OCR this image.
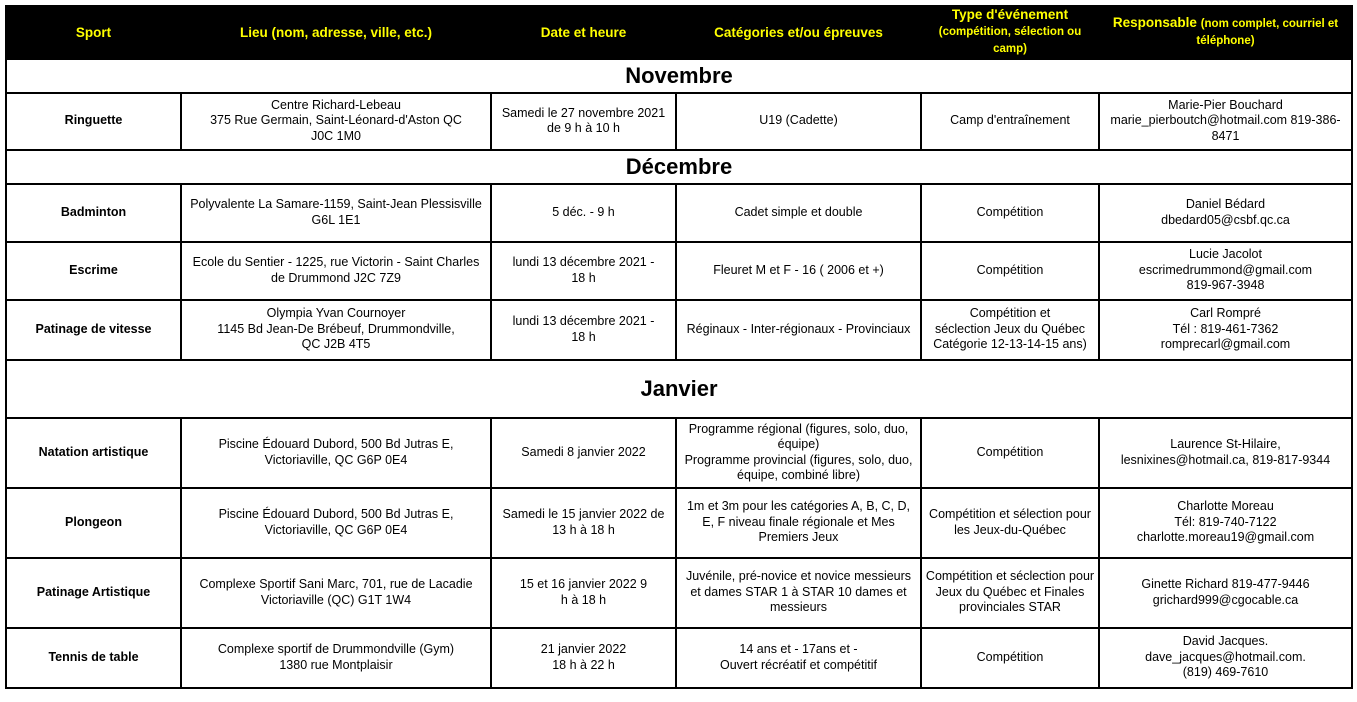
Sport	Lieu (nom, adresse, ville, etc.)	Date et heure	Catégories et/ou épreuves	Type d'événement
(compétition, sélection ou camp)	Responsable (nom complet, courriel et téléphone)
Novembre					
Ringuette	Centre Richard-Lebeau
375 Rue Germain, Saint-Léonard-d'Aston QC
J0C 1M0	Samedi le 27 novembre 2021
de 9 h à 10 h	U19 (Cadette)	Camp d'entraînement	Marie-Pier Bouchard
marie_pierboutch@hotmail.com 819-386-
8471
Décembre					
Badminton	Polyvalente La Samare-1159, Saint-Jean Plessisville
G6L 1E1	5 déc. - 9 h	Cadet simple et double	Compétition	Daniel Bédard
dbedard05@csbf.qc.ca
Escrime	Ecole du Sentier - 1225, rue Victorin - Saint Charles
de Drummond J2C 7Z9	lundi 13 décembre 2021 -
18 h	Fleuret M et F - 16 ( 2006 et +)	Compétition	Lucie Jacolot
escrimedrummond@gmail.com
819-967-3948
Patinage de vitesse	Olympia Yvan Cournoyer
1145 Bd Jean-De Brébeuf, Drummondville,
QC J2B 4T5	lundi 13 décembre 2021 -
18 h	Réginaux - Inter-régionaux - Provinciaux	Compétition et
séclection Jeux du Québec
Catégorie 12-13-14-15 ans)	Carl Rompré
Tél : 819-461-7362
romprecarl@gmail.com
Janvier					
Natation artistique	Piscine Édouard Dubord, 500 Bd Jutras E,
Victoriaville, QC G6P 0E4	Samedi 8 janvier 2022	Programme régional (figures, solo, duo,
équipe)
Programme provincial (figures, solo, duo,
équipe, combiné libre)	Compétition	Laurence St-Hilaire,
lesnixines@hotmail.ca, 819-817-9344
Plongeon	Piscine Édouard Dubord, 500 Bd Jutras E,
Victoriaville, QC G6P 0E4	Samedi le 15 janvier 2022 de
13 h à 18 h	1m et 3m pour les catégories A, B, C, D,
E, F niveau finale régionale et Mes
Premiers Jeux	Compétition et sélection pour
les Jeux-du-Québec	Charlotte Moreau
Tél: 819-740-7122
charlotte.moreau19@gmail.com
Patinage Artistique	Complexe Sportif Sani Marc, 701, rue de Lacadie
Victoriaville (QC) G1T 1W4	15 et 16 janvier 2022 9
h à 18 h	Juvénile, pré-novice et novice messieurs
et dames STAR 1 à STAR 10 dames et
messieurs	Compétition et séclection pour
Jeux du Québec et Finales
provinciales STAR	Ginette Richard 819-477-9446
grichard999@cgocable.ca
Tennis de table	Complexe sportif de Drummondville (Gym)
1380 rue Montplaisir	21 janvier 2022
18 h à 22 h	14 ans et - 17ans et -
Ouvert récréatif et compétitif	Compétition	David Jacques.
dave_jacques@hotmail.com.
(819) 469-7610
